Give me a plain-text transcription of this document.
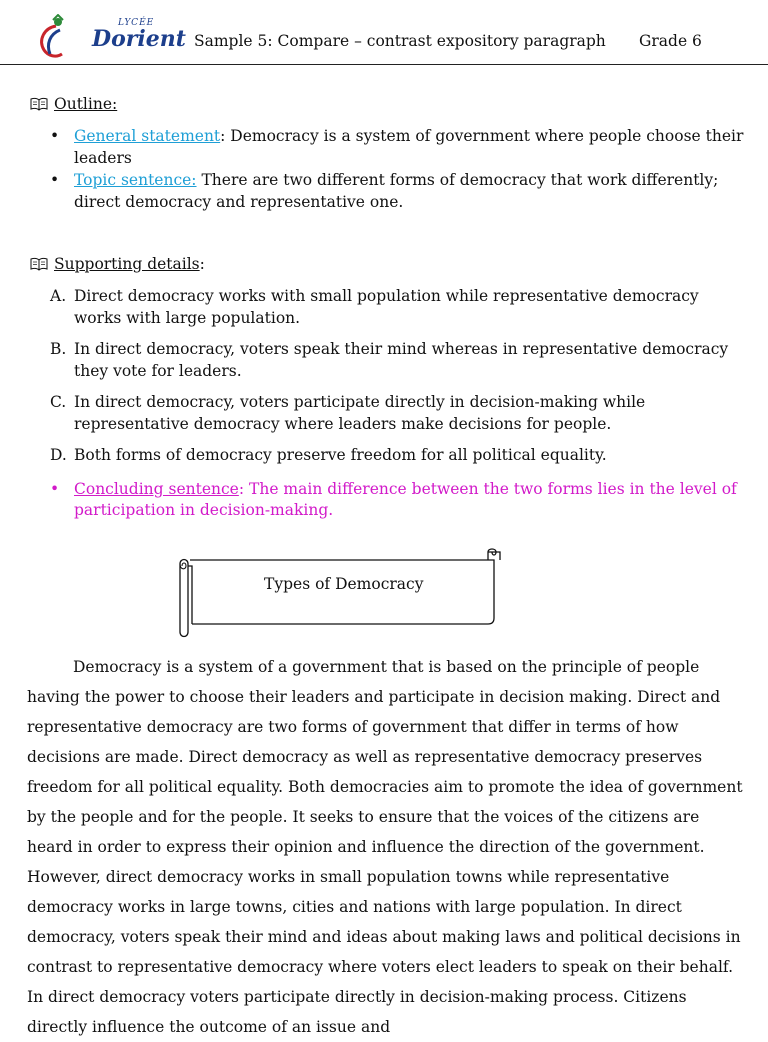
LYCÉE
Dorient Sample 5: Compare – contrast expository paragraph Grade 6
Outline:
• General statement: Democracy is a system of government where people choose their leaders
• Topic sentence: There are two different forms of democracy that work differently; direct democracy and representative one.
Supporting details :
A. Direct democracy works with small population while representative democracy works with large population.
B. In direct democracy, voters speak their mind whereas in representative democracy they vote for leaders.
C. In direct democracy, voters participate directly in decision-making while representative democracy where leaders make decisions for people.
D. Both forms of democracy preserve freedom for all political equality.
• Concluding sentence: The main difference between the two forms lies in the level of participation in decision-making.
Types of Democracy
Democracy is a system of a government that is based on the principle of people having the power to choose their leaders and participate in decision making. Direct and representative democracy are two forms of government that differ in terms of how decisions are made. Direct democracy as well as representative democracy preserves freedom for all political equality. Both democracies aim to promote the idea of government by the people and for the people. It seeks to ensure that the voices of the citizens are heard in order to express their opinion and influence the direction of the government. However, direct democracy works in small population towns while representative democracy works in large towns, cities and nations with large population. In direct democracy, voters speak their mind and ideas about making laws and political decisions in contrast to representative democracy where voters elect leaders to speak on their behalf. In direct democracy voters participate directly in decision-making process. Citizens directly influence the outcome of an issue and
